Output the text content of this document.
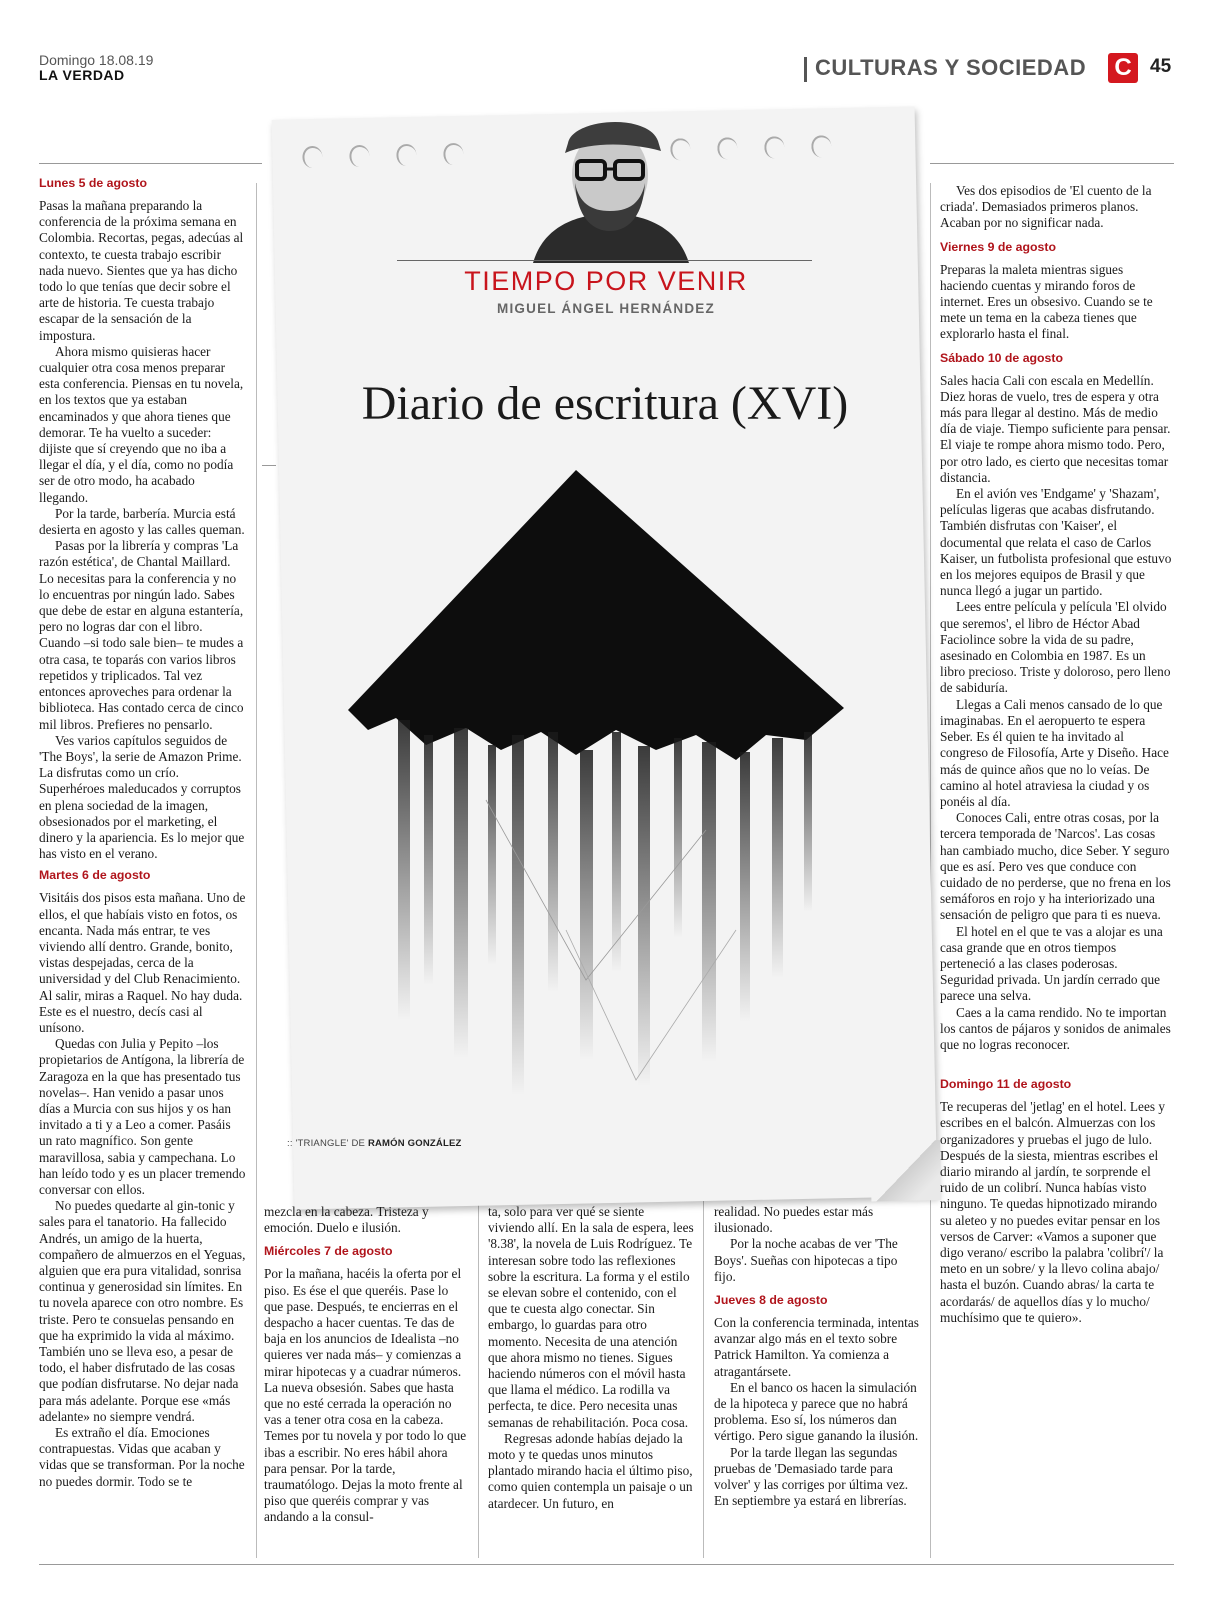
Domingo 18.08.19
LA VERDAD	CULTURAS Y SOCIEDAD C 45
TIEMPO POR VENIR
MIGUEL ÁNGEL HERNÁNDEZ
Diario de escritura (XVI)
:: 'TRIANGLE' DE RAMÓN GONZÁLEZ
Lunes 5 de agosto

Pasas la mañana preparando la conferencia de la próxima semana en Colombia. Recortas, pegas, adecúas al contexto, te cuesta trabajo escribir nada nuevo. Sientes que ya has dicho todo lo que tenías que decir sobre el arte de historia. Te cuesta trabajo escapar de la sensación de la impostura.

Ahora mismo quisieras hacer cualquier otra cosa menos preparar esta conferencia. Piensas en tu novela, en los textos que ya estaban encaminados y que ahora tienes que demorar. Te ha vuelto a suceder: dijiste que sí creyendo que no iba a llegar el día, y el día, como no podía ser de otro modo, ha acabado llegando.

Por la tarde, barbería. Murcia está desierta en agosto y las calles queman.

Pasas por la librería y compras 'La razón estética', de Chantal Maillard. Lo necesitas para la conferencia y no lo encuentras por ningún lado. Sabes que debe de estar en alguna estantería, pero no logras dar con el libro. Cuando –si todo sale bien– te mudes a otra casa, te toparás con varios libros repetidos y triplicados. Tal vez entonces aproveches para ordenar la biblioteca. Has contado cerca de cinco mil libros. Prefieres no pensarlo.

Ves varios capítulos seguidos de 'The Boys', la serie de Amazon Prime. La disfrutas como un crío. Superhéroes maleducados y corruptos en plena sociedad de la imagen, obsesionados por el marketing, el dinero y la apariencia. Es lo mejor que has visto en el verano.

Martes 6 de agosto

Visitáis dos pisos esta mañana. Uno de ellos, el que habíais visto en fotos, os encanta. Nada más entrar, te ves viviendo allí dentro. Grande, bonito, vistas despejadas, cerca de la universidad y del Club Renacimiento. Al salir, miras a Raquel. No hay duda. Este es el nuestro, decís casi al unísono.

Quedas con Julia y Pepito –los propietarios de Antígona, la librería de Zaragoza en la que has presentado tus novelas–. Han venido a pasar unos días a Murcia con sus hijos y os han invitado a ti y a Leo a comer. Pasáis un rato magnífico. Son gente maravillosa, sabia y campechana. Lo han leído todo y es un placer tremendo conversar con ellos.

No puedes quedarte al gin-tonic y sales para el tanatorio. Ha fallecido Andrés, un amigo de la huerta, compañero de almuerzos en el Yeguas, alguien que era pura vitalidad, sonrisa continua y generosidad sin límites. En tu novela aparece con otro nombre. Es triste. Pero te consuelas pensando en que ha exprimido la vida al máximo. También uno se lleva eso, a pesar de todo, el haber disfrutado de las cosas que podían disfrutarse. No dejar nada para más adelante. Porque ese «más adelante» no siempre vendrá.

Es extraño el día. Emociones contrapuestas. Vidas que acaban y vidas que se transforman. Por la noche no puedes dormir. Todo se te

mezcla en la cabeza. Tristeza y emoción. Duelo e ilusión.

Miércoles 7 de agosto

Por la mañana, hacéis la oferta por el piso. Es ése el que queréis. Pase lo que pase. Después, te encierras en el despacho a hacer cuentas. Te das de baja en los anuncios de Idealista –no quieres ver nada más– y comienzas a mirar hipotecas y a cuadrar números. La nueva obsesión. Sabes que hasta que no esté cerrada la operación no vas a tener otra cosa en la cabeza. Temes por tu novela y por todo lo que ibas a escribir. No eres hábil ahora para pensar. Por la tarde, traumatólogo. Dejas la moto frente al piso que queréis comprar y vas andando a la consul-

ta, solo para ver qué se siente viviendo allí. En la sala de espera, lees '8.38', la novela de Luis Rodríguez. Te interesan sobre todo las reflexiones sobre la escritura. La forma y el estilo se elevan sobre el contenido, con el que te cuesta algo conectar. Sin embargo, lo guardas para otro momento. Necesita de una atención que ahora mismo no tienes. Sigues haciendo números con el móvil hasta que llama el médico. La rodilla va perfecta, te dice. Pero necesita unas semanas de rehabilitación. Poca cosa.

Regresas adonde habías dejado la moto y te quedas unos minutos plantado mirando hacia el último piso, como quien contempla un paisaje o un atardecer. Un futuro, en

realidad. No puedes estar más ilusionado.

Por la noche acabas de ver 'The Boys'. Sueñas con hipotecas a tipo fijo.

Jueves 8 de agosto

Con la conferencia terminada, intentas avanzar algo más en el texto sobre Patrick Hamilton. Ya comienza a atragantársete.

En el banco os hacen la simulación de la hipoteca y parece que no habrá problema. Eso sí, los números dan vértigo. Pero sigue ganando la ilusión.

Por la tarde llegan las segundas pruebas de 'Demasiado tarde para volver' y las corriges por última vez. En septiembre ya estará en librerías.

Ves dos episodios de 'El cuento de la criada'. Demasiados primeros planos. Acaban por no significar nada.

Viernes 9 de agosto

Preparas la maleta mientras sigues haciendo cuentas y mirando foros de internet. Eres un obsesivo. Cuando se te mete un tema en la cabeza tienes que explorarlo hasta el final.

Sábado 10 de agosto

Sales hacia Cali con escala en Medellín. Diez horas de vuelo, tres de espera y otra más para llegar al destino. Más de medio día de viaje. Tiempo suficiente para pensar. El viaje te rompe ahora mismo todo. Pero, por otro lado, es cierto que necesitas tomar distancia.

En el avión ves 'Endgame' y 'Shazam', películas ligeras que acabas disfrutando. También disfrutas con 'Kaiser', el documental que relata el caso de Carlos Kaiser, un futbolista profesional que estuvo en los mejores equipos de Brasil y que nunca llegó a jugar un partido.

Lees entre película y película 'El olvido que seremos', el libro de Héctor Abad Faciolince sobre la vida de su padre, asesinado en Colombia en 1987. Es un libro precioso. Triste y doloroso, pero lleno de sabiduría.

Llegas a Cali menos cansado de lo que imaginabas. En el aeropuerto te espera Seber. Es él quien te ha invitado al congreso de Filosofía, Arte y Diseño. Hace más de quince años que no lo veías. De camino al hotel atraviesa la ciudad y os ponéis al día.

Conoces Cali, entre otras cosas, por la tercera temporada de 'Narcos'. Las cosas han cambiado mucho, dice Seber. Y seguro que es así. Pero ves que conduce con cuidado de no perderse, que no frena en los semáforos en rojo y ha interiorizado una sensación de peligro que para ti es nueva.

El hotel en el que te vas a alojar es una casa grande que en otros tiempos perteneció a las clases poderosas. Seguridad privada. Un jardín cerrado que parece una selva.

Caes a la cama rendido. No te importan los cantos de pájaros y sonidos de animales que no logras reconocer.

Domingo 11 de agosto

Te recuperas del 'jetlag' en el hotel. Lees y escribes en el balcón. Almuerzas con los organizadores y pruebas el jugo de lulo. Después de la siesta, mientras escribes el diario mirando al jardín, te sorprende el ruido de un colibrí. Nunca habías visto ninguno. Te quedas hipnotizado mirando su aleteo y no puedes evitar pensar en los versos de Carver: «Vamos a suponer que digo verano/ escribo la palabra 'colibrí'/ la meto en un sobre/ y la llevo colina abajo/ hasta el buzón. Cuando abras/ la carta te acordarás/ de aquellos días y lo mucho/ muchísimo que te quiero».
